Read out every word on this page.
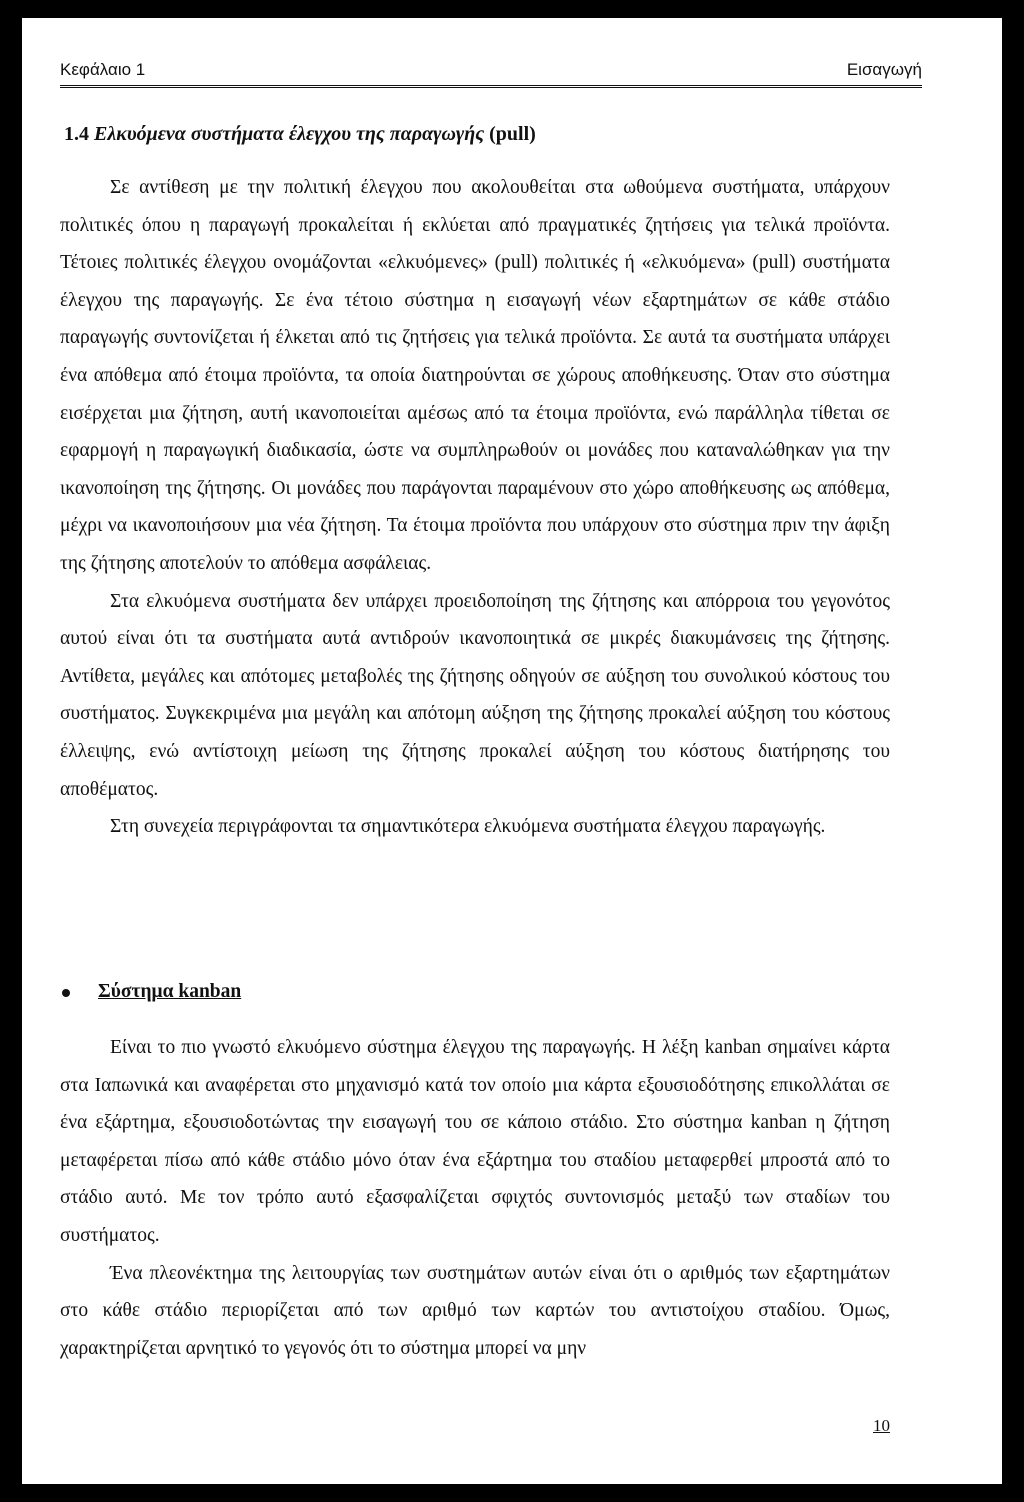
Κεφάλαιο 1	Εισαγωγή
1.4 Ελκυόμενα συστήματα έλεγχου της παραγωγής (pull)

Σε αντίθεση με την πολιτική έλεγχου που ακολουθείται στα ωθούμενα συστήματα, υπάρχουν πολιτικές όπου η παραγωγή προκαλείται ή εκλύεται από πραγματικές ζητήσεις για τελικά προϊόντα. Τέτοιες πολιτικές έλεγχου ονομάζονται «ελκυόμενες» (pull) πολιτικές ή «ελκυόμενα» (pull) συστήματα έλεγχου της παραγωγής. Σε ένα τέτοιο σύστημα η εισαγωγή νέων εξαρτημάτων σε κάθε στάδιο παραγωγής συντονίζεται ή έλκεται από τις ζητήσεις για τελικά προϊόντα. Σε αυτά τα συστήματα υπάρχει ένα απόθεμα από έτοιμα προϊόντα, τα οποία διατηρούνται σε χώρους αποθήκευσης. Όταν στο σύστημα εισέρχεται μια ζήτηση, αυτή ικανοποιείται αμέσως από τα έτοιμα προϊόντα, ενώ παράλληλα τίθεται σε εφαρμογή η παραγωγική διαδικασία, ώστε να συμπληρωθούν οι μονάδες που καταναλώθηκαν για την ικανοποίηση της ζήτησης. Οι μονάδες που παράγονται παραμένουν στο χώρο αποθήκευσης ως απόθεμα, μέχρι να ικανοποιήσουν μια νέα ζήτηση. Τα έτοιμα προϊόντα που υπάρχουν στο σύστημα πριν την άφιξη της ζήτησης αποτελούν το απόθεμα ασφάλειας.

Στα ελκυόμενα συστήματα δεν υπάρχει προειδοποίηση της ζήτησης και απόρροια του γεγονότος αυτού είναι ότι τα συστήματα αυτά αντιδρούν ικανοποιητικά σε μικρές διακυμάνσεις της ζήτησης. Αντίθετα, μεγάλες και απότομες μεταβολές της ζήτησης οδηγούν σε αύξηση του συνολικού κόστους του συστήματος. Συγκεκριμένα μια μεγάλη και απότομη αύξηση της ζήτησης προκαλεί αύξηση του κόστους έλλειψης, ενώ αντίστοιχη μείωση της ζήτησης προκαλεί αύξηση του κόστους διατήρησης του αποθέματος.

Στη συνεχεία περιγράφονται τα σημαντικότερα ελκυόμενα συστήματα έλεγχου παραγωγής.

Σύστημα kanban

Είναι το πιο γνωστό ελκυόμενο σύστημα έλεγχου της παραγωγής. Η λέξη kanban σημαίνει κάρτα στα Ιαπωνικά και αναφέρεται στο μηχανισμό κατά τον οποίο μια κάρτα εξουσιοδότησης επικολλάται σε ένα εξάρτημα, εξουσιοδοτώντας την εισαγωγή του σε κάποιο στάδιο. Στο σύστημα kanban η ζήτηση μεταφέρεται πίσω από κάθε στάδιο μόνο όταν ένα εξάρτημα του σταδίου μεταφερθεί μπροστά από το στάδιο αυτό. Με τον τρόπο αυτό εξασφαλίζεται σφιχτός συντονισμός μεταξύ των σταδίων του συστήματος.

Ένα πλεονέκτημα της λειτουργίας των συστημάτων αυτών είναι ότι ο αριθμός των εξαρτημάτων στο κάθε στάδιο περιορίζεται από των αριθμό των καρτών του αντιστοίχου σταδίου. Όμως, χαρακτηρίζεται αρνητικό το γεγονός ότι το σύστημα μπορεί να μην

10
